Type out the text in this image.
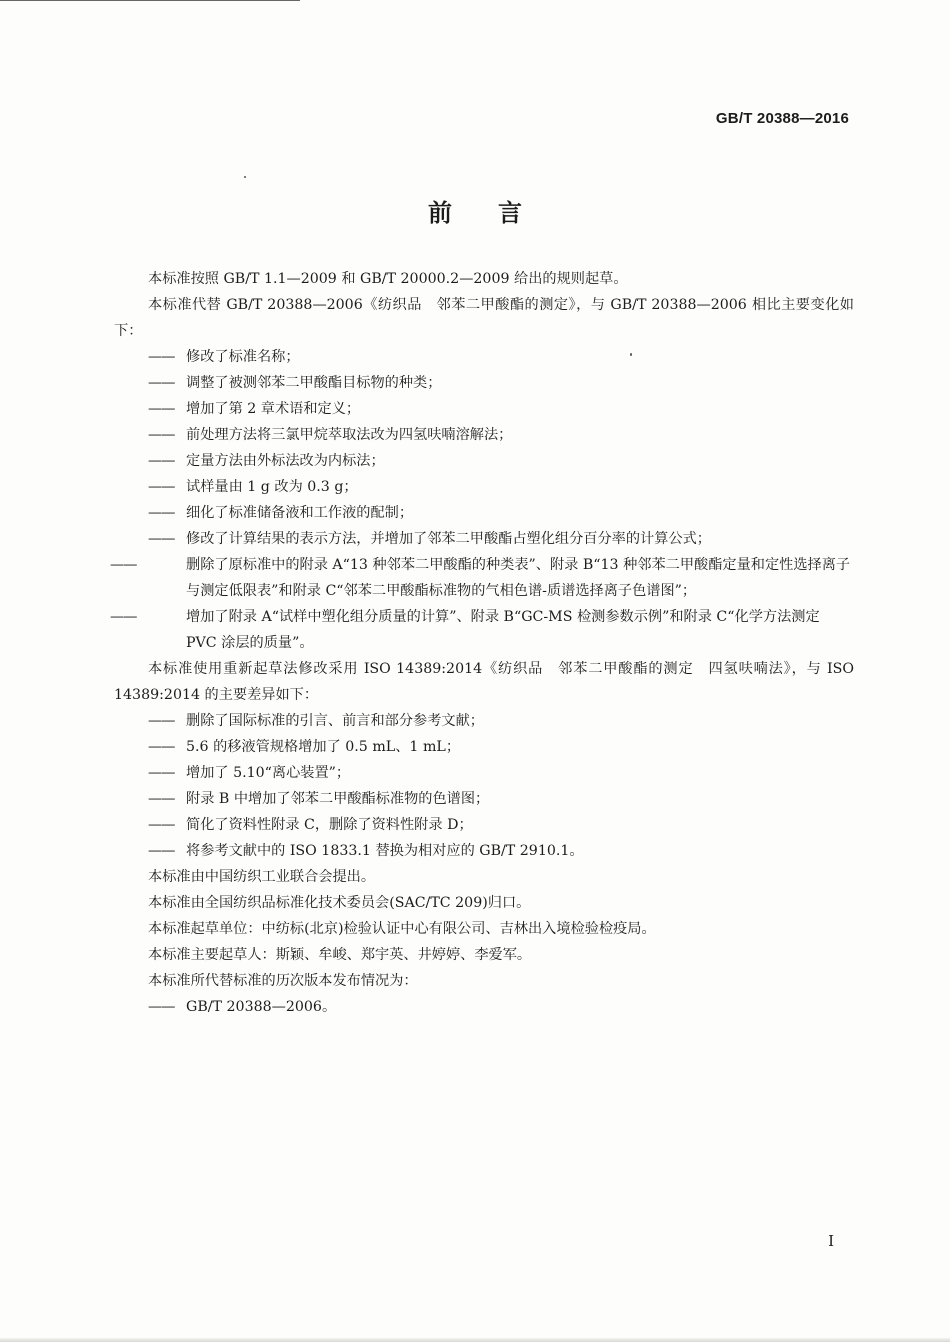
GB/T 20388—2016
前言

本标准按照 GB/T 1.1—2009 和 GB/T 20000.2—2009 给出的规则起草。

本标准代替 GB/T 20388—2006《纺织品　邻苯二甲酸酯的测定》，与 GB/T 20388—2006 相比主要变化如下：

—— 修改了标准名称；

—— 调整了被测邻苯二甲酸酯目标物的种类；

—— 增加了第 2 章术语和定义；

—— 前处理方法将三氯甲烷萃取法改为四氢呋喃溶解法；

—— 定量方法由外标法改为内标法；

—— 试样量由 1 g 改为 0.3 g；

—— 细化了标准储备液和工作液的配制；

—— 修改了计算结果的表示方法，并增加了邻苯二甲酸酯占塑化组分百分率的计算公式；

——	删除了原标准中的附录 A“13 种邻苯二甲酸酯的种类表”、附录 B“13 种邻苯二甲酸酯定量和定性选择离子与测定低限表”和附录 C“邻苯二甲酸酯标准物的气相色谱-质谱选择离子色谱图”；

——	增加了附录 A“试样中塑化组分质量的计算”、附录 B“GC-MS 检测参数示例”和附录 C“化学方法测定 PVC 涂层的质量”。

本标准使用重新起草法修改采用 ISO 14389:2014《纺织品　邻苯二甲酸酯的测定　四氢呋喃法》，与 ISO 14389:2014 的主要差异如下：

—— 删除了国际标准的引言、前言和部分参考文献；

—— 5.6 的移液管规格增加了 0.5 mL、1 mL；

—— 增加了 5.10“离心装置”；

—— 附录 B 中增加了邻苯二甲酸酯标准物的色谱图；

—— 简化了资料性附录 C，删除了资料性附录 D；

—— 将参考文献中的 ISO 1833.1 替换为相对应的 GB/T 2910.1。

本标准由中国纺织工业联合会提出。

本标准由全国纺织品标准化技术委员会(SAC/TC 209)归口。

本标准起草单位：中纺标(北京)检验认证中心有限公司、吉林出入境检验检疫局。

本标准主要起草人：斯颖、牟峻、郑宇英、井婷婷、李爱军。

本标准所代替标准的历次版本发布情况为：

—— GB/T 20388—2006。

I
